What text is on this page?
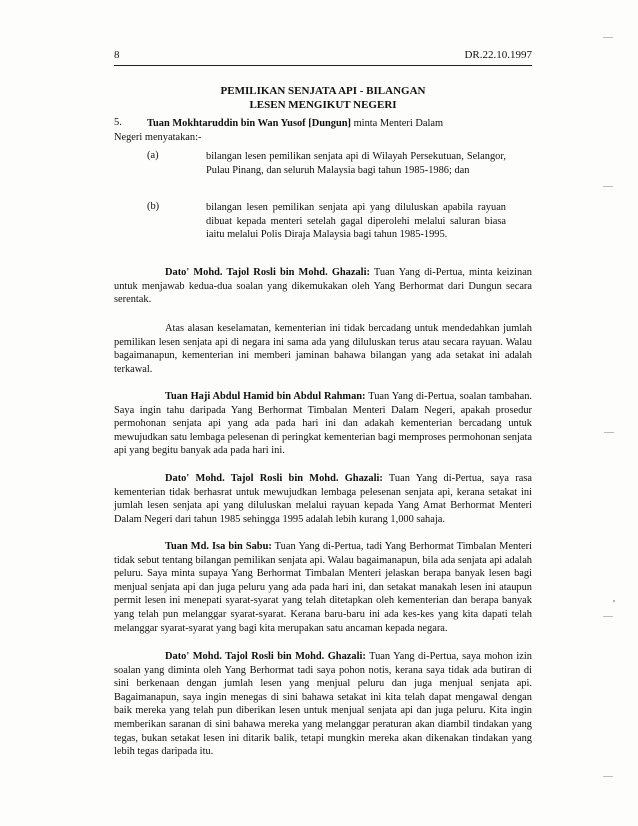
8	DR.22.10.1997
PEMILIKAN SENJATA API - BILANGAN
LESEN MENGIKUT NEGERI
5. Tuan Mokhtaruddin bin Wan Yusof [Dungun] minta Menteri Dalam
Negeri menyatakan:-
(a)	bilangan lesen pemilikan senjata api di Wilayah Persekutuan, Selangor, Pulau Pinang, dan seluruh Malaysia bagi tahun 1985-1986; dan
(b)	bilangan lesen pemilikan senjata api yang diluluskan apabila rayuan dibuat kepada menteri setelah gagal diperolehi melalui saluran biasa iaitu melalui Polis Diraja Malaysia bagi tahun 1985-1995.
Dato' Mohd. Tajol Rosli bin Mohd. Ghazali: Tuan Yang di-Pertua, minta keizinan untuk menjawab kedua-dua soalan yang dikemukakan oleh Yang Berhormat dari Dungun secara serentak.
Atas alasan keselamatan, kementerian ini tidak bercadang untuk mendedahkan jumlah pemilikan lesen senjata api di negara ini sama ada yang diluluskan terus atau secara rayuan. Walau bagaimanapun, kementerian ini memberi jaminan bahawa bilangan yang ada setakat ini adalah terkawal.
Tuan Haji Abdul Hamid bin Abdul Rahman: Tuan Yang di-Pertua, soalan tambahan. Saya ingin tahu daripada Yang Berhormat Timbalan Menteri Dalam Negeri, apakah prosedur permohonan senjata api yang ada pada hari ini dan adakah kementerian bercadang untuk mewujudkan satu lembaga pelesenan di peringkat kementerian bagi memproses permohonan senjata api yang begitu banyak ada pada hari ini.
Dato' Mohd. Tajol Rosli bin Mohd. Ghazali: Tuan Yang di-Pertua, saya rasa kementerian tidak berhasrat untuk mewujudkan lembaga pelesenan senjata api, kerana setakat ini jumlah lesen senjata api yang diluluskan melalui rayuan kepada Yang Amat Berhormat Menteri Dalam Negeri dari tahun 1985 sehingga 1995 adalah lebih kurang 1,000 sahaja.
Tuan Md. Isa bin Sabu: Tuan Yang di-Pertua, tadi Yang Berhormat Timbalan Menteri tidak sebut tentang bilangan pemilikan senjata api. Walau bagaimanapun, bila ada senjata api adalah peluru. Saya minta supaya Yang Berhormat Timbalan Menteri jelaskan berapa banyak lesen bagi menjual senjata api dan juga peluru yang ada pada hari ini, dan setakat manakah lesen ini ataupun permit lesen ini menepati syarat-syarat yang telah ditetapkan oleh kementerian dan berapa banyak yang telah pun melanggar syarat-syarat. Kerana baru-baru ini ada kes-kes yang kita dapati telah melanggar syarat-syarat yang bagi kita merupakan satu ancaman kepada negara.
Dato' Mohd. Tajol Rosli bin Mohd. Ghazali: Tuan Yang di-Pertua, saya mohon izin soalan yang diminta oleh Yang Berhormat tadi saya pohon notis, kerana saya tidak ada butiran di sini berkenaan dengan jumlah lesen yang menjual peluru dan juga menjual senjata api. Bagaimanapun, saya ingin menegas di sini bahawa setakat ini kita telah dapat mengawal dengan baik mereka yang telah pun diberikan lesen untuk menjual senjata api dan juga peluru. Kita ingin memberikan saranan di sini bahawa mereka yang melanggar peraturan akan diambil tindakan yang tegas, bukan setakat lesen ini ditarik balik, tetapi mungkin mereka akan dikenakan tindakan yang lebih tegas daripada itu.
